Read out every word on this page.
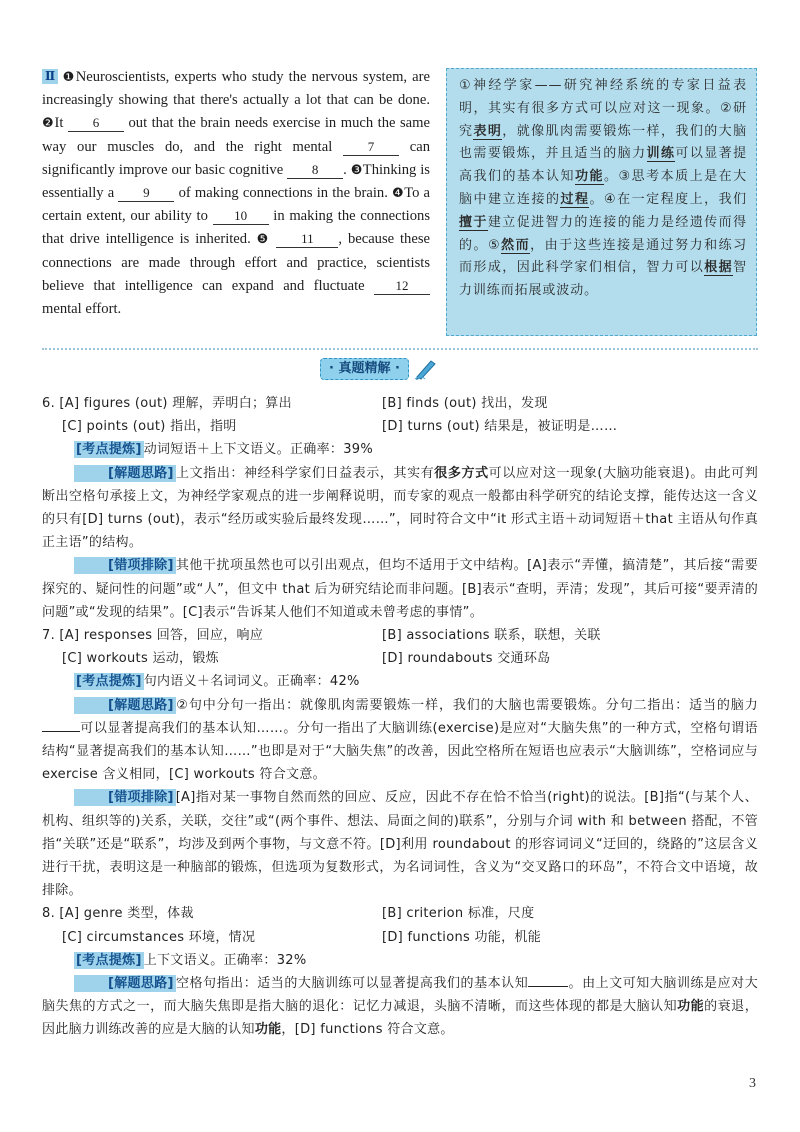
Ⅱ ❶Neuroscientists, experts who study the nervous system, are increasingly showing that there's actually a lot that can be done. ❷It 6 out that the brain needs exercise in much the same way our muscles do, and the right mental	7 can significantly improve our basic cognitive 8 . ❸Thinking is essentially a 9 of making connections in the brain. ❹To a certain extent, our ability to 10 in making the connections that drive intelligence is inherited. ❺ 11 , because these connections are made through effort and practice, scientists believe that intelligence can expand and fluctuate 12 mental effort.
①神经学家——研究神经系统的专家日益表明，其实有很多方式可以应对这一现象。②研究表明，就像肌肉需要锻炼一样，我们的大脑也需要锻炼，并且适当的脑力训练可以显著提高我们的基本认知功能。③思考本质上是在大脑中建立连接的过程。④在一定程度上，我们擅于建立促进智力的连接的能力是经遗传而得的。⑤然而，由于这些连接是通过努力和练习而形成，因此科学家们相信，智力可以根据智力训练而拓展或波动。
· 真题精解 ·
6. [A] figures (out) 理解，弄明白；算出	[B] finds (out) 找出，发现
[C] points (out) 指出，指明	[D] turns (out) 结果是，被证明是……
[考点提炼] 动词短语＋上下文语义。正确率：39%
[解题思路] 上文指出：神经科学家们日益表示，其实有很多方式可以应对这一现象(大脑功能衰退)。由此可判断出空格句承接上文，为神经学家观点的进一步阐释说明，而专家的观点一般都由科学研究的结论支撑，能传达这一含义的只有[D] turns (out)，表示“经历或实验后最终发现……”，同时符合文中“it 形式主语＋动词短语＋that 主语从句作真正主语”的结构。
[错项排除] 其他干扰项虽然也可以引出观点，但均不适用于文中结构。[A]表示“弄懂，搞清楚”，其后接“需要探究的、疑问性的问题”或“人”，但文中 that 后为研究结论而非问题。[B]表示“查明，弄清；发现”，其后可接“要弄清的问题”或“发现的结果”。[C]表示“告诉某人他们不知道或未曾考虑的事情”。
7. [A] responses 回答，回应，响应	[B] associations 联系，联想，关联
[C] workouts 运动，锻炼	[D] roundabouts 交通环岛
[考点提炼] 句内语义＋名词词义。正确率：42%
[解题思路] ②句中分句一指出：就像肌肉需要锻炼一样，我们的大脑也需要锻炼。分句二指出：适当的脑力可以显著提高我们的基本认知……。分句一指出了大脑训练(exercise)是应对“大脑失焦”的一种方式，空格句谓语结构“显著提高我们的基本认知……”也即是对于“大脑失焦”的改善，因此空格所在短语也应表示“大脑训练”，空格词应与 exercise 含义相同，[C] workouts 符合文意。
[错项排除] [A]指对某一事物自然而然的回应、反应，因此不存在恰不恰当(right)的说法。[B]指“(与某个人、机构、组织等的)关系，关联，交往”或“(两个事件、想法、局面之间的)联系”，分别与介词 with 和 between 搭配，不管指“关联”还是“联系”，均涉及到两个事物，与文意不符。[D]利用 roundabout 的形容词词义“迂回的，绕路的”这层含义进行干扰，表明这是一种脑部的锻炼，但选项为复数形式，为名词词性，含义为“交叉路口的环岛”，不符合文中语境，故排除。
8. [A] genre 类型，体裁	[B] criterion 标准，尺度
[C] circumstances 环境，情况	[D] functions 功能，机能
[考点提炼] 上下文语义。正确率：32%
[解题思路] 空格句指出：适当的大脑训练可以显著提高我们的基本认知	。由上文可知大脑训练是应对大脑失焦的方式之一，而大脑失焦即是指大脑的退化：记忆力减退，头脑不清晰，而这些体现的都是大脑认知功能的衰退，因此脑力训练改善的应是大脑的认知功能，[D] functions 符合文意。
3
